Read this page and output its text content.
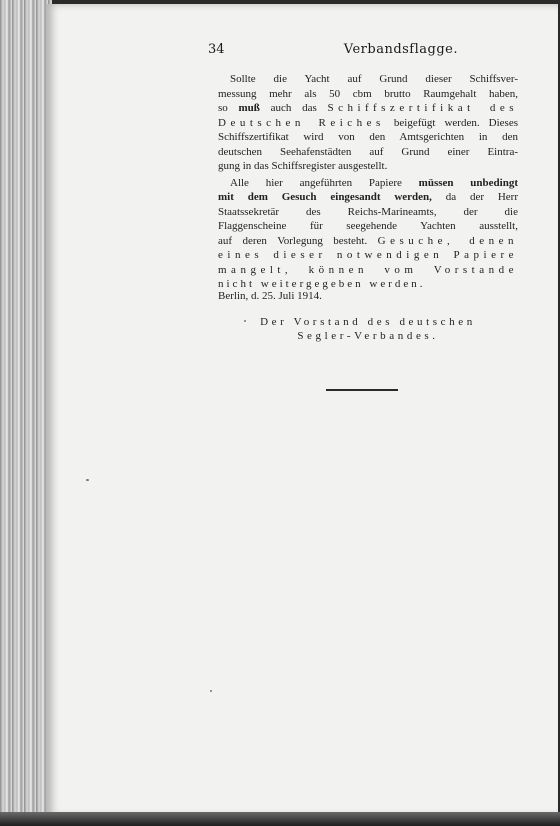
34	Verbandsflagge.
Sollte die Yacht auf Grund dieser Schiffsver-
messung mehr als 50 cbm brutto Raumgehalt haben,
so muß auch das Schiffszertifikat des
Deutschen Reiches beigefügt werden. Dieses
Schiffszertifikat wird von den Amtsgerichten in den
deutschen Seehafenstädten auf Grund einer Eintra-
gung in das Schiffsregister ausgestellt.
Alle hier angeführten Papiere müssen unbedingt
mit dem Gesuch eingesandt werden, da der Herr
Staatssekretär des Reichs-Marineamts, der die
Flaggenscheine für seegehende Yachten ausstellt,
auf deren Vorlegung besteht. Gesuche, denen
eines dieser notwendigen Papiere
mangelt, können vom Vorstande
nicht weitergegeben werden.
Berlin, d. 25. Juli 1914.
Der Vorstand des deutschen
Segler-Verbandes.
